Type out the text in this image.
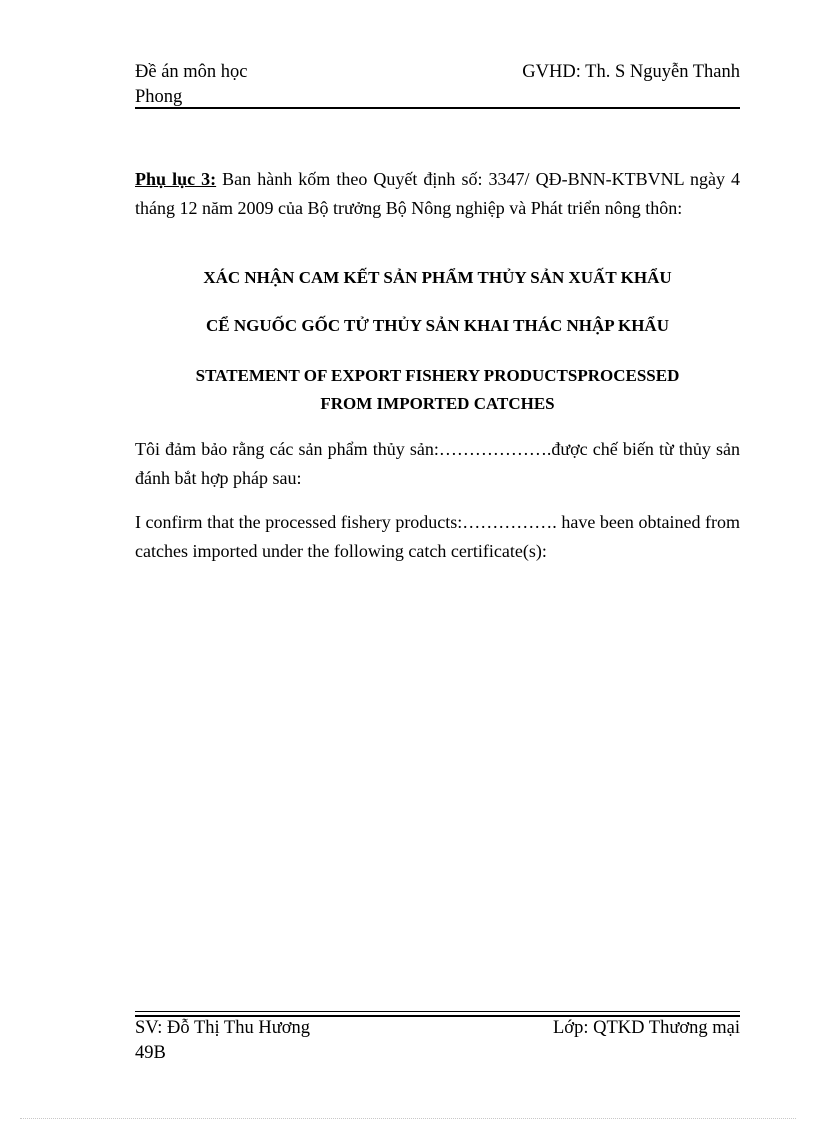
Đề án môn học	GVHD: Th. S Nguyễn Thanh
Phong
Phụ lục 3: Ban hành kốm theo Quyết định số: 3347/ QĐ-BNN-KTBVNL ngày 4 tháng 12 năm 2009 của Bộ trưởng Bộ Nông nghiệp và Phát triển nông thôn:
XÁC NHẬN CAM KẾT SẢN PHẨM THỦY SẢN XUẤT KHẨU
CỂ NGUỐC GỐC TỬ THỦY SẢN KHAI THÁC NHẬP KHẨU
STATEMENT OF EXPORT FISHERY PRODUCTSPROCESSED
FROM IMPORTED CATCHES
Tôi đảm bảo rằng các sản phẩm thủy sản:……………….được chế biến từ thủy sản đánh bắt hợp pháp sau:
I confirm that the processed fishery products:……………. have been obtained from catches imported under the following catch certificate(s):
SV: Đỗ Thị Thu Hương	Lớp: QTKD Thương mại
49B
